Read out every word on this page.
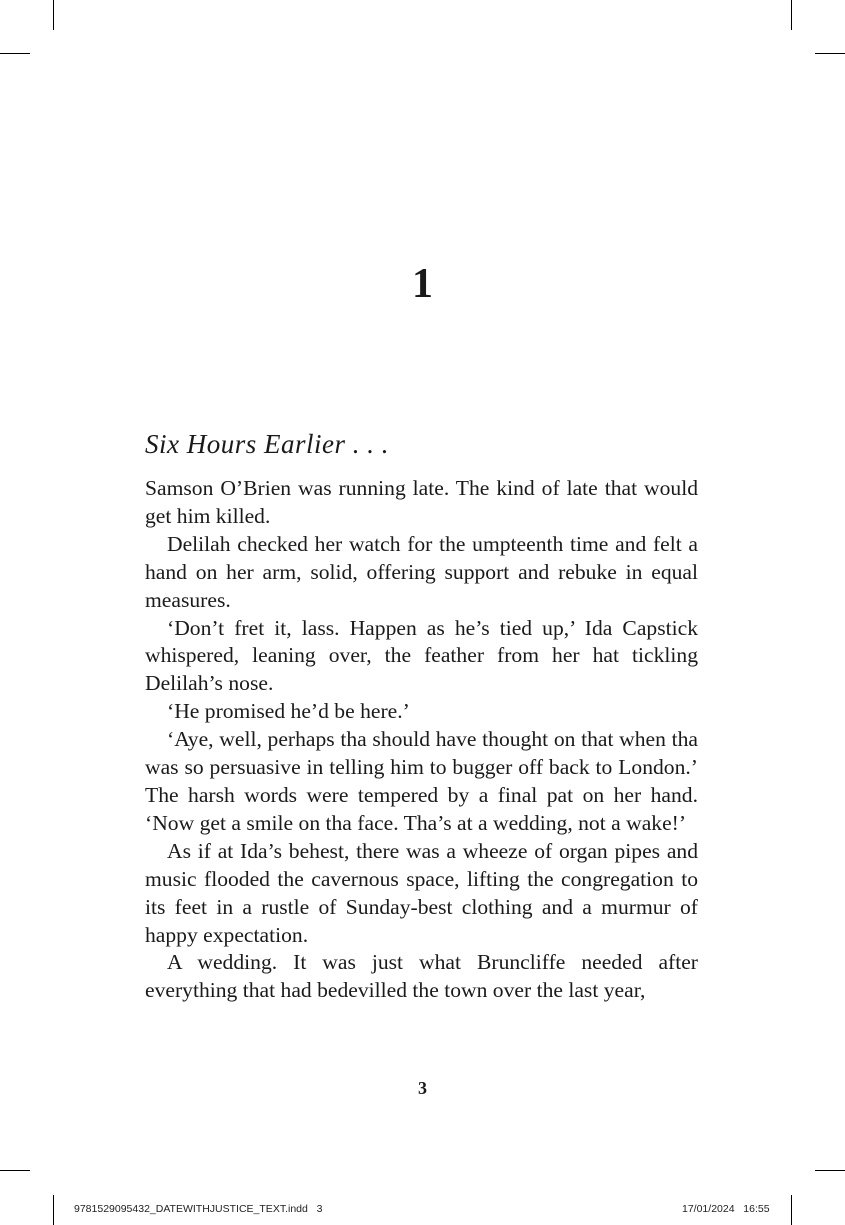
1
Six Hours Earlier . . .

Samson O’Brien was running late. The kind of late that would get him killed.

Delilah checked her watch for the umpteenth time and felt a hand on her arm, solid, offering support and rebuke in equal measures.

‘Don’t fret it, lass. Happen as he’s tied up,’ Ida Capstick whispered, leaning over, the feather from her hat tickling Delilah’s nose.

‘He promised he’d be here.’

‘Aye, well, perhaps tha should have thought on that when tha was so persuasive in telling him to bugger off back to London.’ The harsh words were tempered by a final pat on her hand. ‘Now get a smile on tha face. Tha’s at a wedding, not a wake!’

As if at Ida’s behest, there was a wheeze of organ pipes and music flooded the cavernous space, lifting the congregation to its feet in a rustle of Sunday-best clothing and a murmur of happy expectation.

A wedding. It was just what Bruncliffe needed after everything that had bedevilled the town over the last year,

3
9781529095432_DATEWITHJUSTICE_TEXT.indd   3	17/01/2024   16:55
